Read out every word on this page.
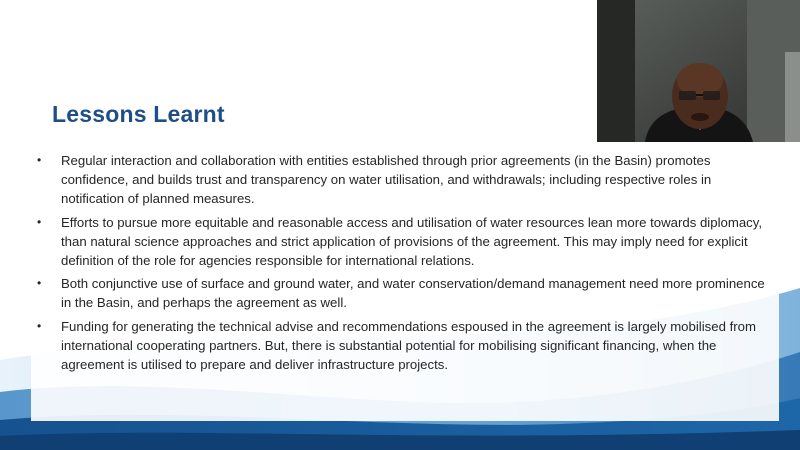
Lessons Learnt
• Regular interaction and collaboration with entities established through prior agreements (in the Basin) promotes confidence, and builds trust and transparency on water utilisation, and withdrawals; including respective roles in notification of planned measures.
• Efforts to pursue more equitable and reasonable access and utilisation of water resources lean more towards diplomacy, than natural science approaches and strict application of provisions of the agreement. This may imply need for explicit definition of the role for agencies responsible for international relations.
• Both conjunctive use of surface and ground water, and water conservation/demand management need more prominence in the Basin, and perhaps the agreement as well.
• Funding for generating the technical advise and recommendations espoused in the agreement is largely mobilised from international cooperating partners. But, there is substantial potential for mobilising significant financing, when the agreement is utilised to prepare and deliver infrastructure projects.
